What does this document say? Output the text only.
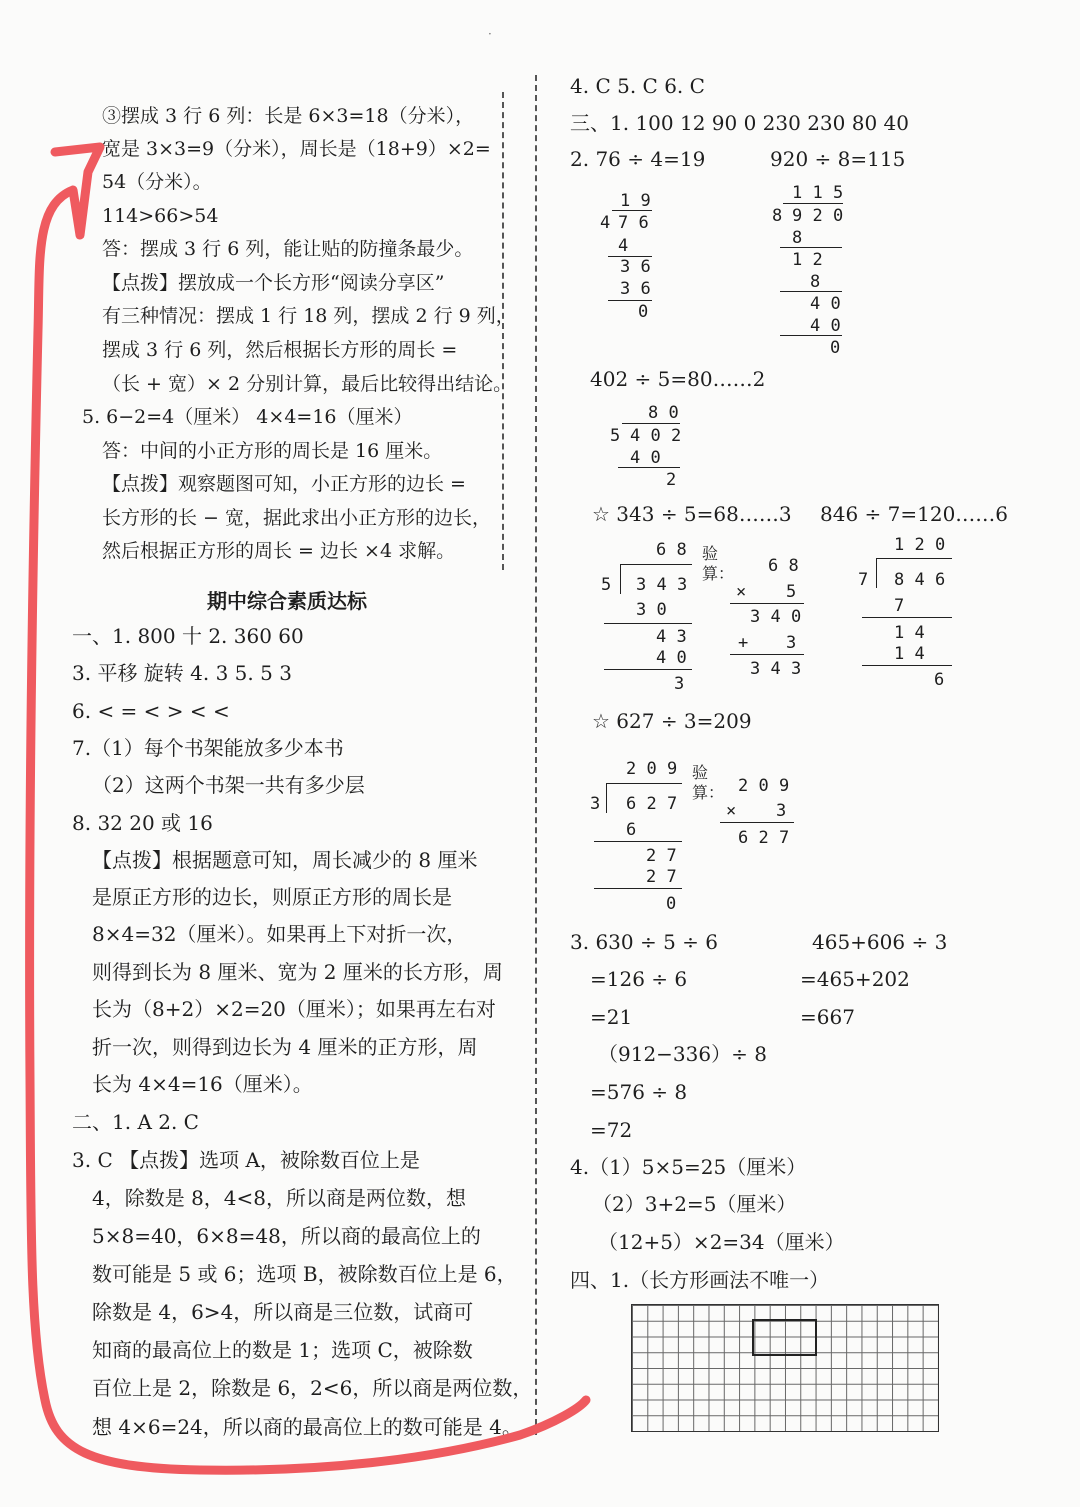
·
③摆成 3 行 6 列：长是 6×3=18（分米），
宽是 3×3=9（分米），周长是（18+9）×2=
54（分米）。
114>66>54
答：摆成 3 行 6 列，能让贴的防撞条最少。
【点拨】摆放成一个长方形“阅读分享区”
有三种情况：摆成 1 行 18 列，摆成 2 行 9 列，
摆成 3 行 6 列，然后根据长方形的周长 =
（长 + 宽）× 2 分别计算，最后比较得出结论。
5. 6−2=4（厘米） 4×4=16（厘米）
答：中间的小正方形的周长是 16 厘米。
【点拨】观察题图可知，小正方形的边长 =
长方形的长 − 宽，据此求出小正方形的边长，
然后根据正方形的周长 = 边长 ×4 求解。
期中综合素质达标
一、1. 800 十 2. 360 60
3. 平移 旋转 4. 3 5. 5 3
6. < = < > < <
7.（1）每个书架能放多少本书
（2）这两个书架一共有多少层
8. 32 20 或 16
【点拨】根据题意可知，周长减少的 8 厘米
是原正方形的边长，则原正方形的周长是
8×4=32（厘米）。如果再上下对折一次，
则得到长为 8 厘米、宽为 2 厘米的长方形，周
长为（8+2）×2=20（厘米）；如果再左右对
折一次，则得到边长为 4 厘米的正方形，周
长为 4×4=16（厘米）。
二、1. A 2. C
3. C 【点拨】选项 A，被除数百位上是
4，除数是 8，4<8，所以商是两位数，想
5×8=40，6×8=48，所以商的最高位上的
数可能是 5 或 6；选项 B，被除数百位上是 6，
除数是 4，6>4，所以商是三位数，试商可
知商的最高位上的数是 1；选项 C，被除数
百位上是 2，除数是 6，2<6，所以商是两位数，
想 4×6=24，所以商的最高位上的数可能是 4。
4. C 5. C 6. C
三、1. 100 12 90 0 230 230 80 40
2. 76 ÷ 4=19	920 ÷ 8=115
1 9
4 7 6
4
3 6
3 6
0
1 1 5
8 9 2 0
8
1 2
8
4 0
4 0
0
402 ÷ 5=80……2
8 0
5 4 0 2
4 0
2
☆ 343 ÷ 5=68……3 846 ÷ 7=120……6
6 8
5 3 4 3
3 0
4 3
4 0
3
验
算： 6 8
× 5
3 4 0
+ 3
3 4 3
1 2 0
7 8 4 6
7
1 4
1 4
6
☆ 627 ÷ 3=209
2 0 9
3 6 2 7
6
2 7
2 7
0
验
算： 2 0 9
× 3
6 2 7
3. 630 ÷ 5 ÷ 6
=126 ÷ 6
=21
（912−336）÷ 8
=576 ÷ 8
=72
465+606 ÷ 3
=465+202
=667
4.（1）5×5=25（厘米）
（2）3+2=5（厘米）
（12+5）×2=34（厘米）
四、1.（长方形画法不唯一）
